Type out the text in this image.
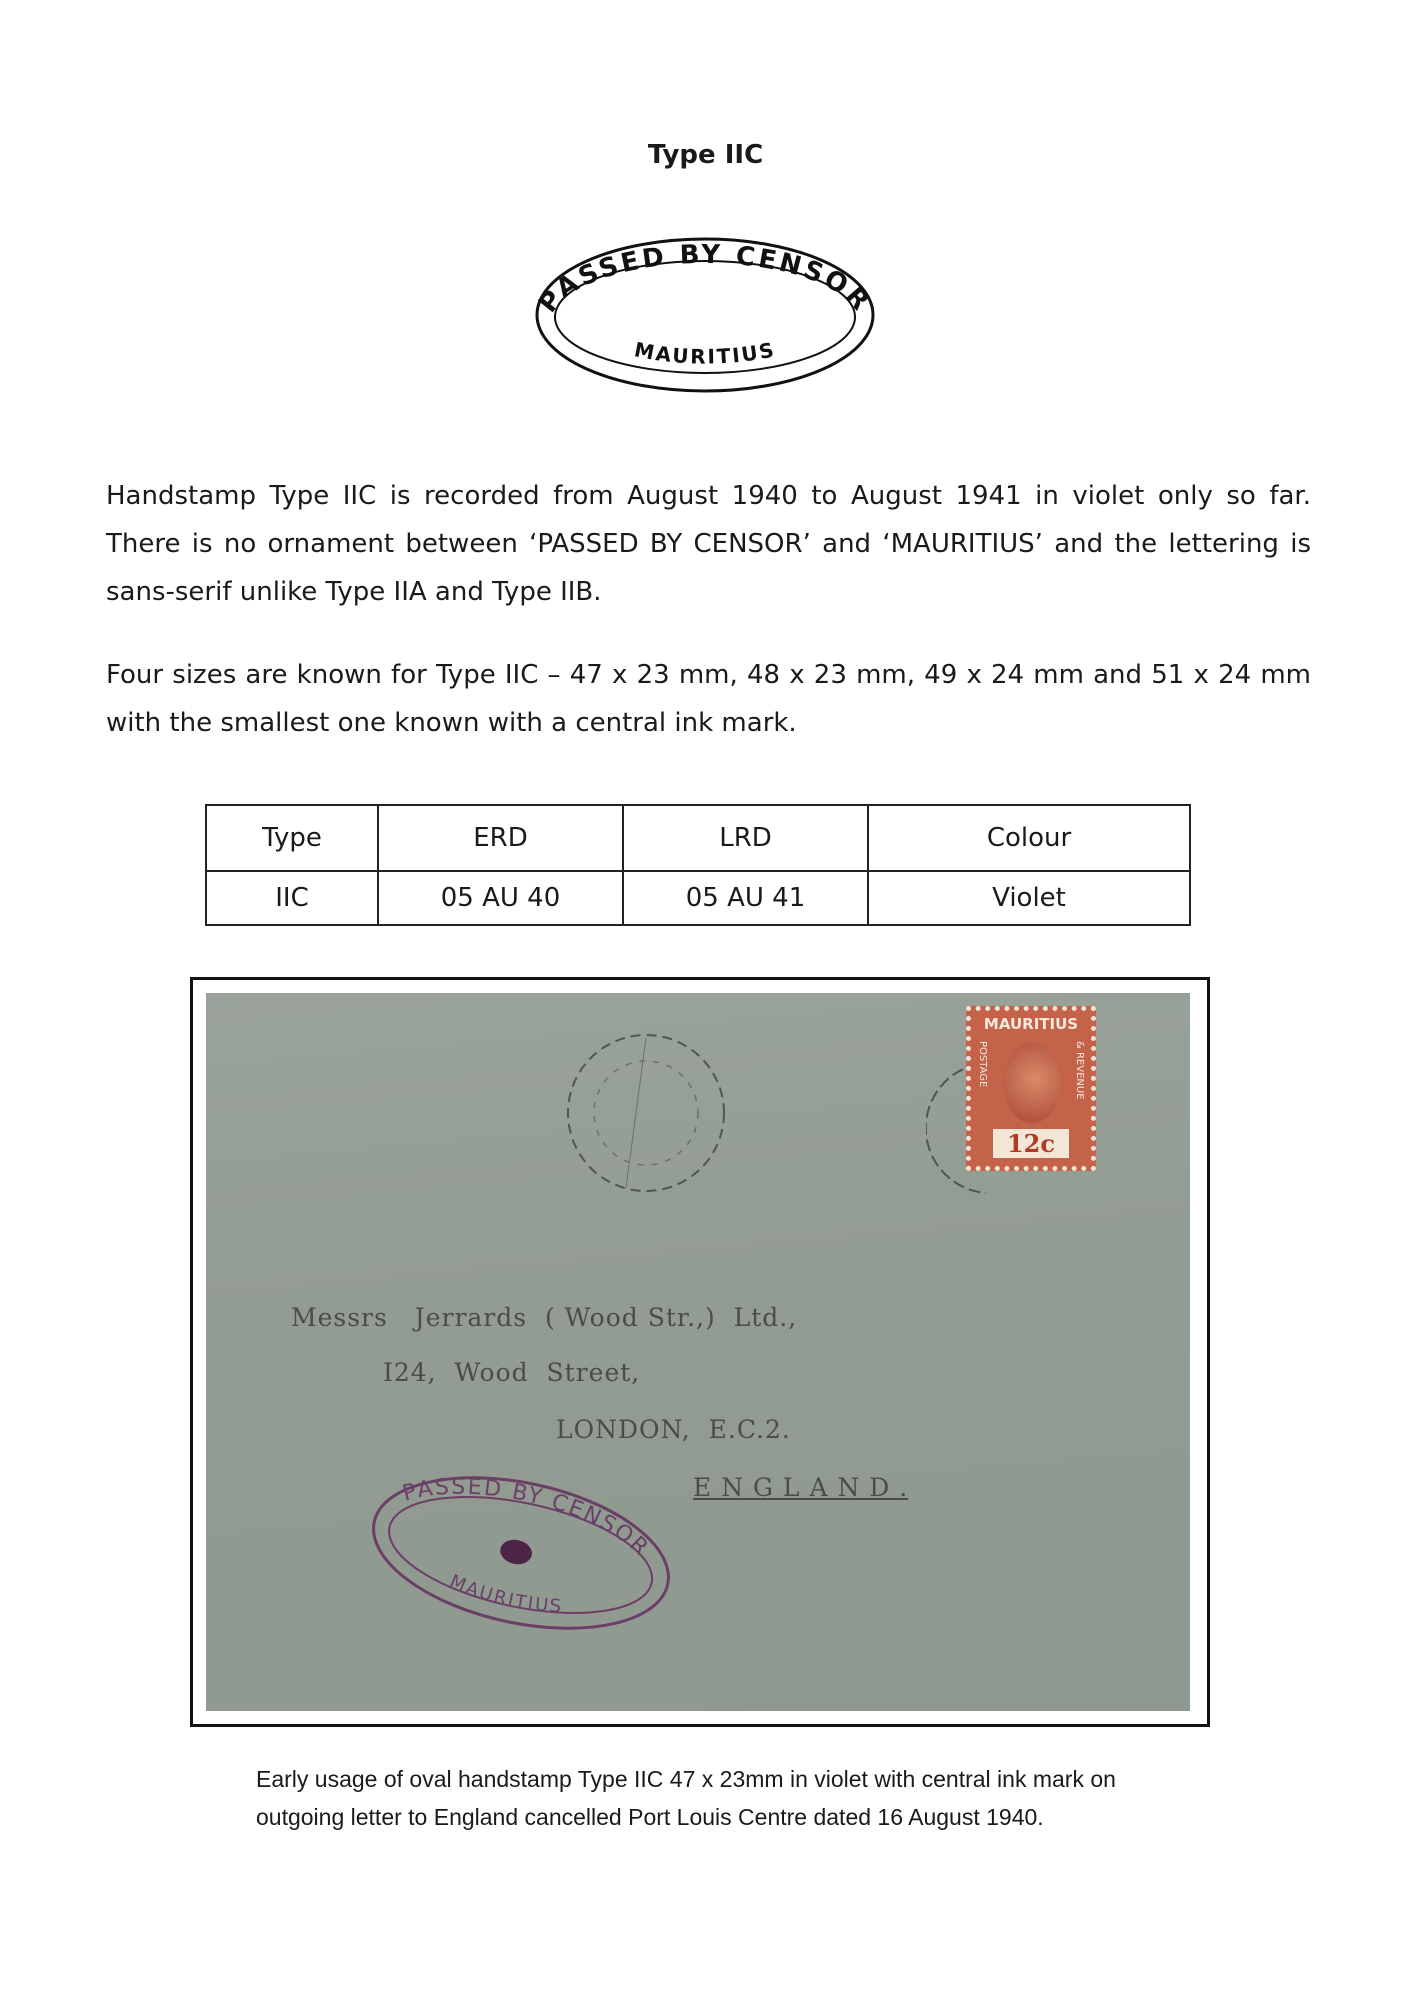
Type IIC
PASSED BY CENSOR
MAURITIUS
Handstamp Type IIC is recorded from August 1940 to August 1941 in violet only so far. There is no ornament between ‘PASSED BY CENSOR’ and ‘MAURITIUS’ and the lettering is sans-serif unlike Type IIA and Type IIB.
Four sizes are known for Type IIC – 47 x 23 mm, 48 x 23 mm, 49 x 24 mm and 51 x 24 mm with the smallest one known with a central ink mark.
Type	ERD	LRD	Colour
IIC	05 AU 40	05 AU 41	Violet
MAURITIUS
POSTAGE	& REVENUE
12c
Messrs   Jerrards  ( Wood Str.,)  Ltd.,
I24,  Wood  Street,
LONDON,  E.C.2.
E N G L A N D .
PASSED BY CENSOR
MAURITIUS
Early usage of oval handstamp Type IIC 47 x 23mm in violet with central ink mark on outgoing letter to England cancelled Port Louis Centre dated 16 August 1940.
